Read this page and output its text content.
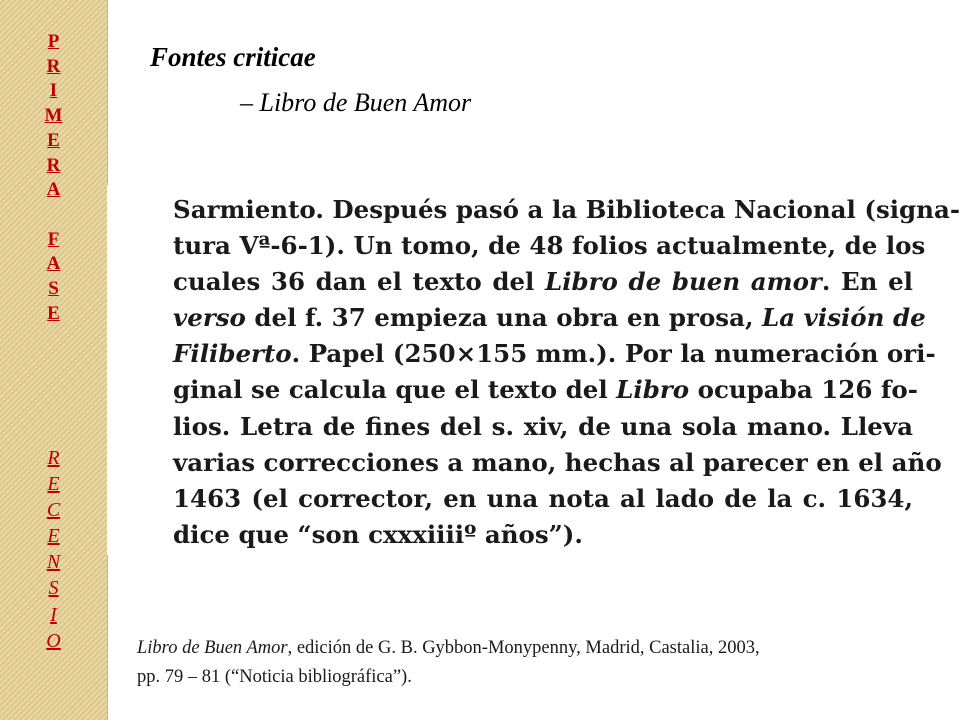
P
R
I
M
E
R
A
F
A
S
E
R
E
C
E
N
S
I
O
Fontes criticae
– Libro de Buen Amor

Sarmiento. Después pasó a la Biblioteca Nacional (signa-

tura Vª-6-1). Un tomo, de 48 folios actualmente, de los

cuales 36 dan el texto del Libro de buen amor. En el

verso del f. 37 empieza una obra en prosa, La visión de

Filiberto. Papel (250×155 mm.). Por la numeración ori-

ginal se calcula que el texto del Libro ocupaba 126 fo-

lios. Letra de fines del s. xiv, de una sola mano. Lleva

varias correcciones a mano, hechas al parecer en el año

1463 (el corrector, en una nota al lado de la c. 1634,

dice que “son cxxxiiiiº años”).

Libro de Buen Amor, edición de G. B. Gybbon-Monypenny, Madrid, Castalia, 2003,
pp. 79 – 81 (“Noticia bibliográfica”).
